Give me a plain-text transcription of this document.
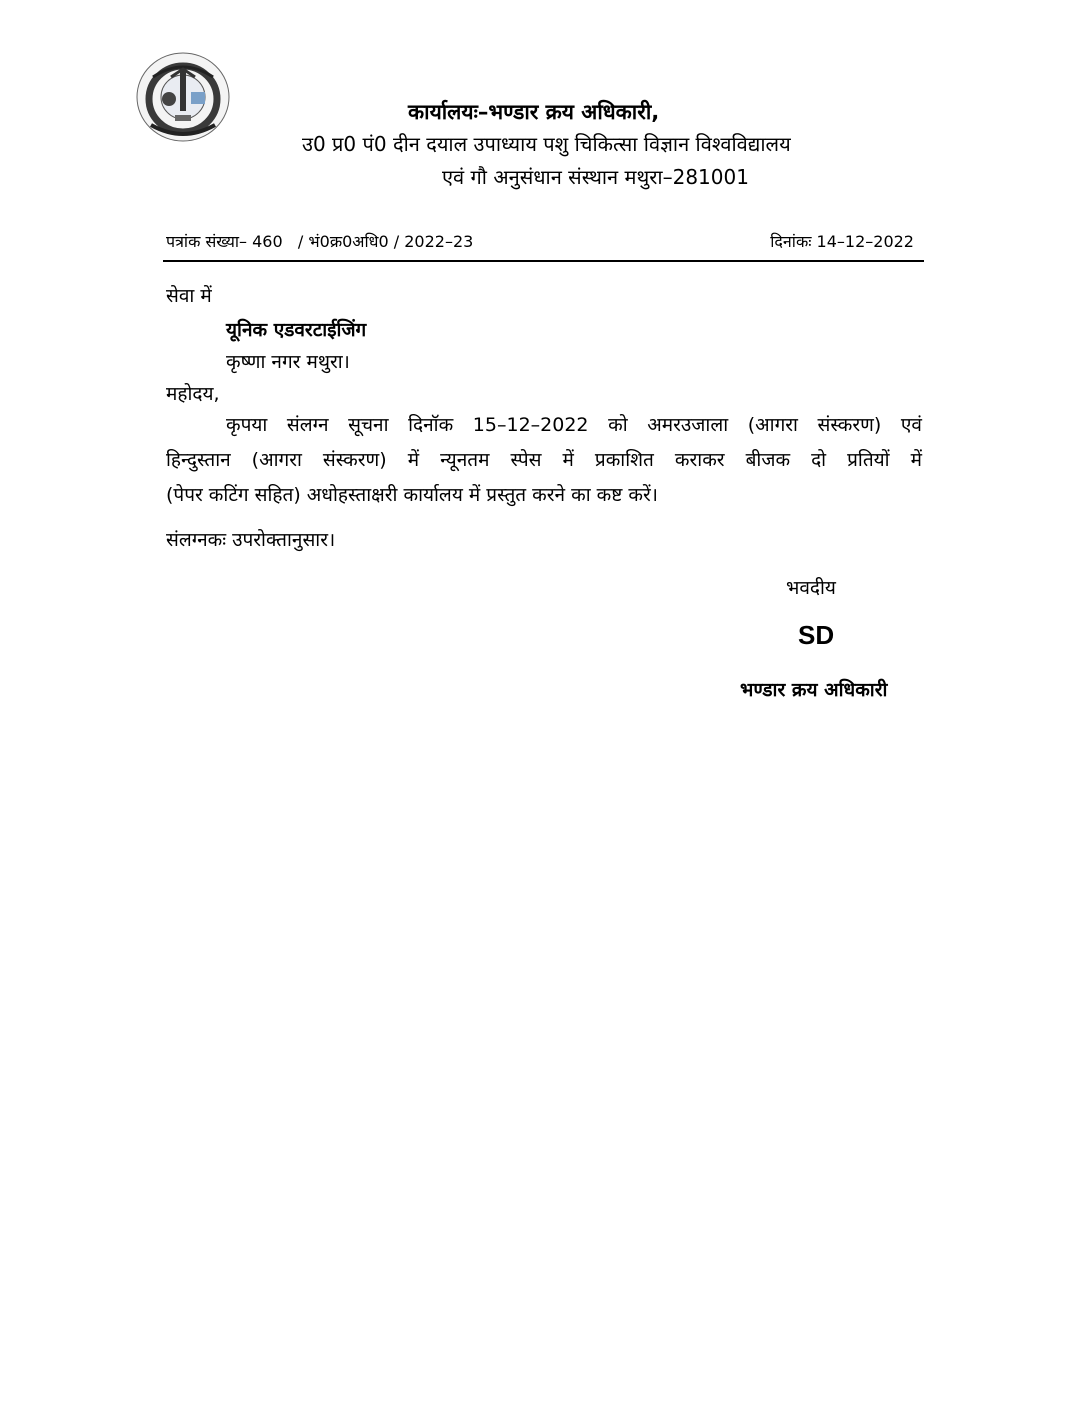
कार्यालयः–भण्डार क्रय अधिकारी,
उ0 प्र0 पं0 दीन दयाल उपाध्याय पशु चिकित्सा विज्ञान विश्वविद्यालय
एवं गौ अनुसंधान संस्थान मथुरा–281001
पत्रांक संख्या– 460   / भं0क्र0अधि0 / 2022–23	दिनांकः 14–12–2022
सेवा में
यूनिक एडवरटाईजिंग
कृष्णा नगर मथुरा।
महोदय,
कृपया संलग्न सूचना दिनॉक 15–12–2022 को अमरउजाला (आगरा संस्करण) एवं
हिन्दुस्तान (आगरा संस्करण) में न्यूनतम स्पेस में प्रकाशित कराकर बीजक दो प्रतियों में
(पेपर कटिंग सहित) अधोहस्ताक्षरी कार्यालय में प्रस्तुत करने का कष्ट करें।
संलग्नकः उपरोक्तानुसार।
भवदीय
SD
भण्डार क्रय अधिकारी
